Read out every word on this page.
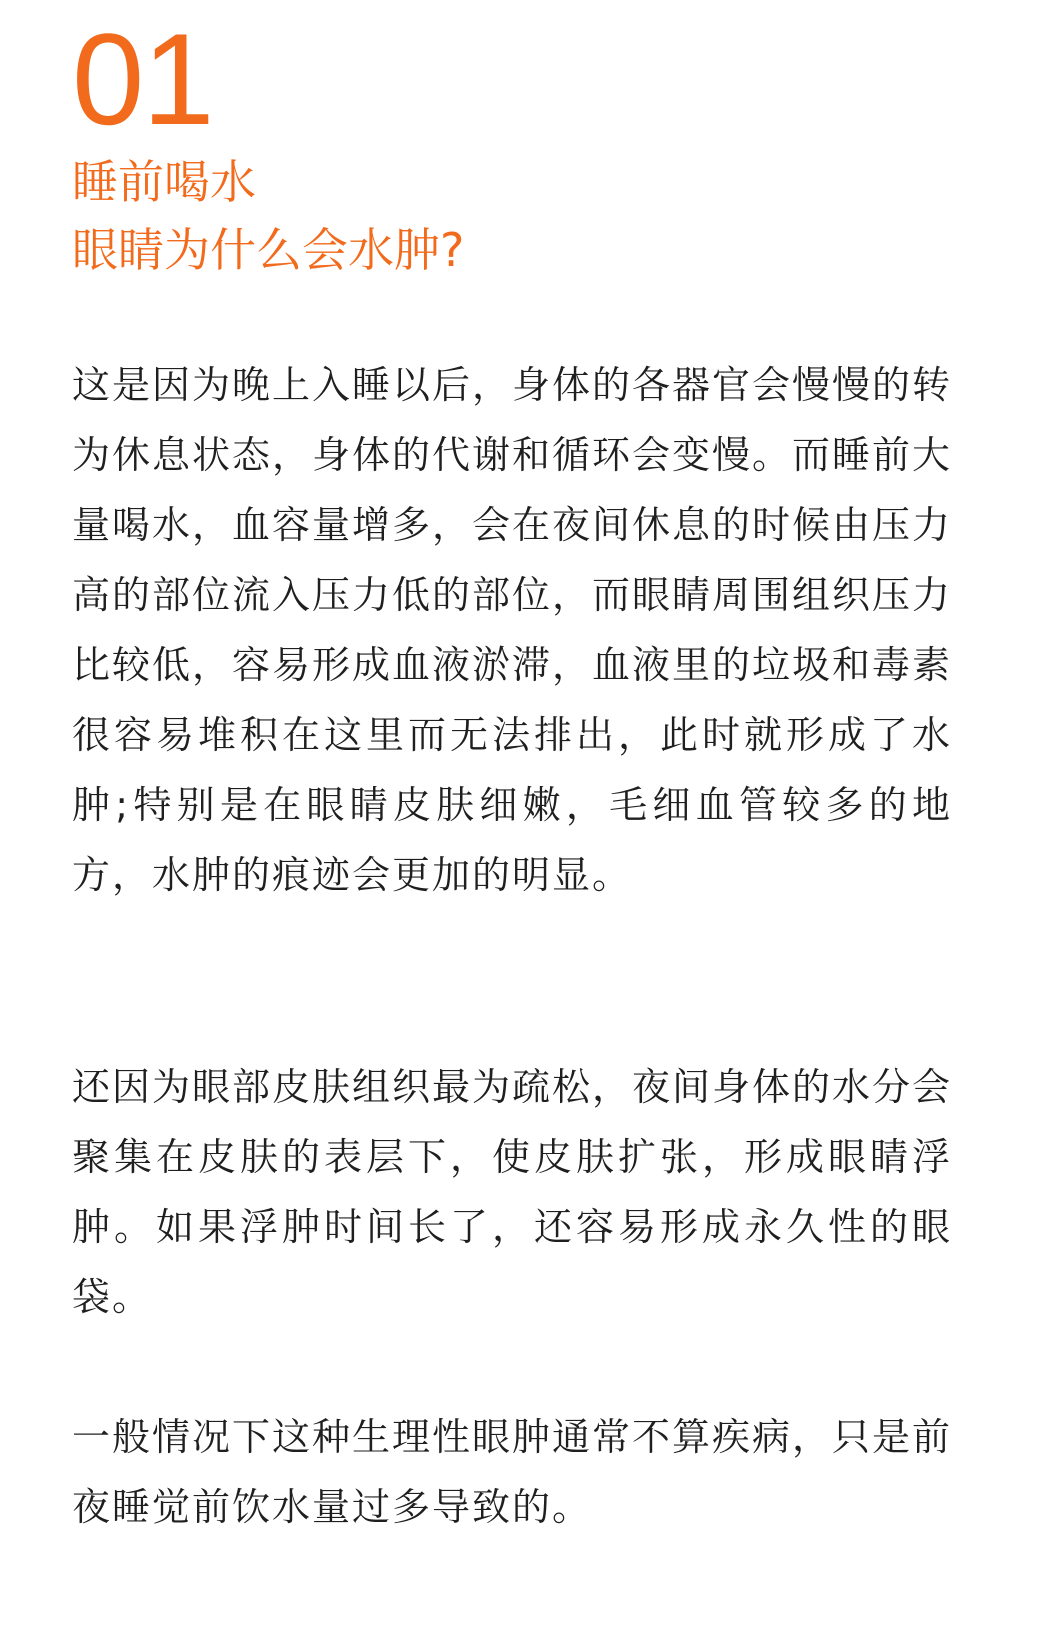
01
睡前喝水
眼睛为什么会水肿?

这是因为晚上入睡以后，身体的各器官会慢慢的转为休息状态，身体的代谢和循环会变慢。而睡前大量喝水，血容量增多，会在夜间休息的时候由压力高的部位流入压力低的部位，而眼睛周围组织压力比较低，容易形成血液淤滞，血液里的垃圾和毒素很容易堆积在这里而无法排出，此时就形成了水肿;特别是在眼睛皮肤细嫩，毛细血管较多的地方，水肿的痕迹会更加的明显。

还因为眼部皮肤组织最为疏松，夜间身体的水分会聚集在皮肤的表层下，使皮肤扩张，形成眼睛浮肿。如果浮肿时间长了，还容易形成永久性的眼袋。

一般情况下这种生理性眼肿通常不算疾病，只是前夜睡觉前饮水量过多导致的。
